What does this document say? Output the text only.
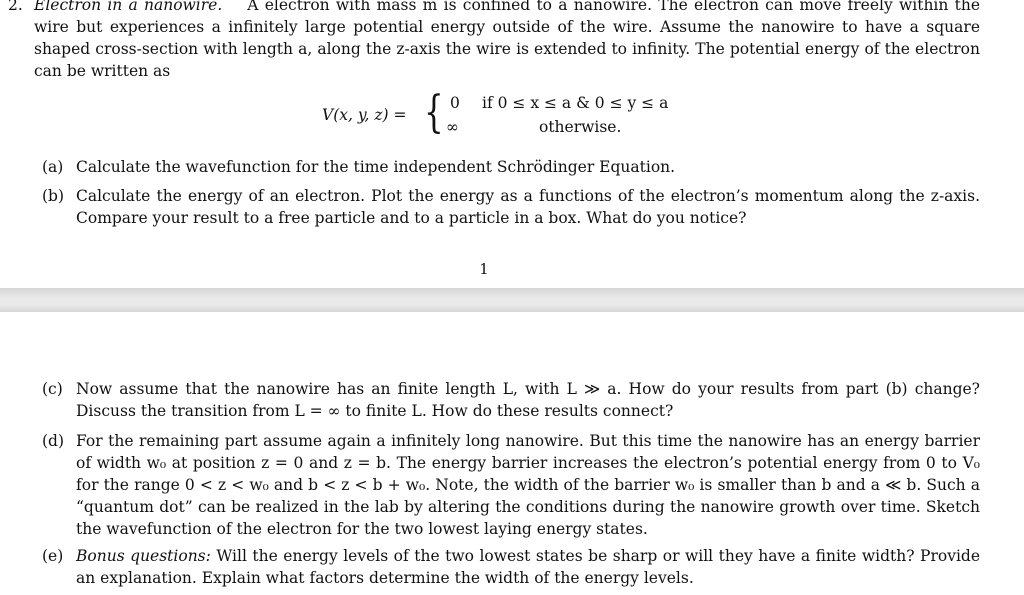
2. Electron in a nanowire. A electron with mass m is confined to a nanowire. The electron can move freely within the wire but experiences a infinitely large potential energy outside of the wire. Assume the nanowire to have a square shaped cross-section with length a, along the z-axis the wire is extended to infinity. The potential energy of the electron can be written as
V(x, y, z) = { 0 if 0 ≤ x ≤ a & 0 ≤ y ≤ a
∞	otherwise.
(a) Calculate the wavefunction for the time independent Schrödinger Equation.
(b) Calculate the energy of an electron. Plot the energy as a functions of the electron’s momentum along the z-axis. Compare your result to a free particle and to a particle in a box. What do you notice?
1
(c) Now assume that the nanowire has an finite length L, with L ≫ a. How do your results from part (b) change? Discuss the transition from L = ∞ to finite L. How do these results connect?
(d) For the remaining part assume again a infinitely long nanowire. But this time the nanowire has an energy barrier of width w₀ at position z = 0 and z = b. The energy barrier increases the electron’s potential energy from 0 to V₀ for the range 0 < z < w₀ and b < z < b + w₀. Note, the width of the barrier w₀ is smaller than b and a ≪ b. Such a “quantum dot” can be realized in the lab by altering the conditions during the nanowire growth over time. Sketch the wavefunction of the electron for the two lowest laying energy states.
(e) Bonus questions: Will the energy levels of the two lowest states be sharp or will they have a finite width? Provide an explanation. Explain what factors determine the width of the energy levels.
